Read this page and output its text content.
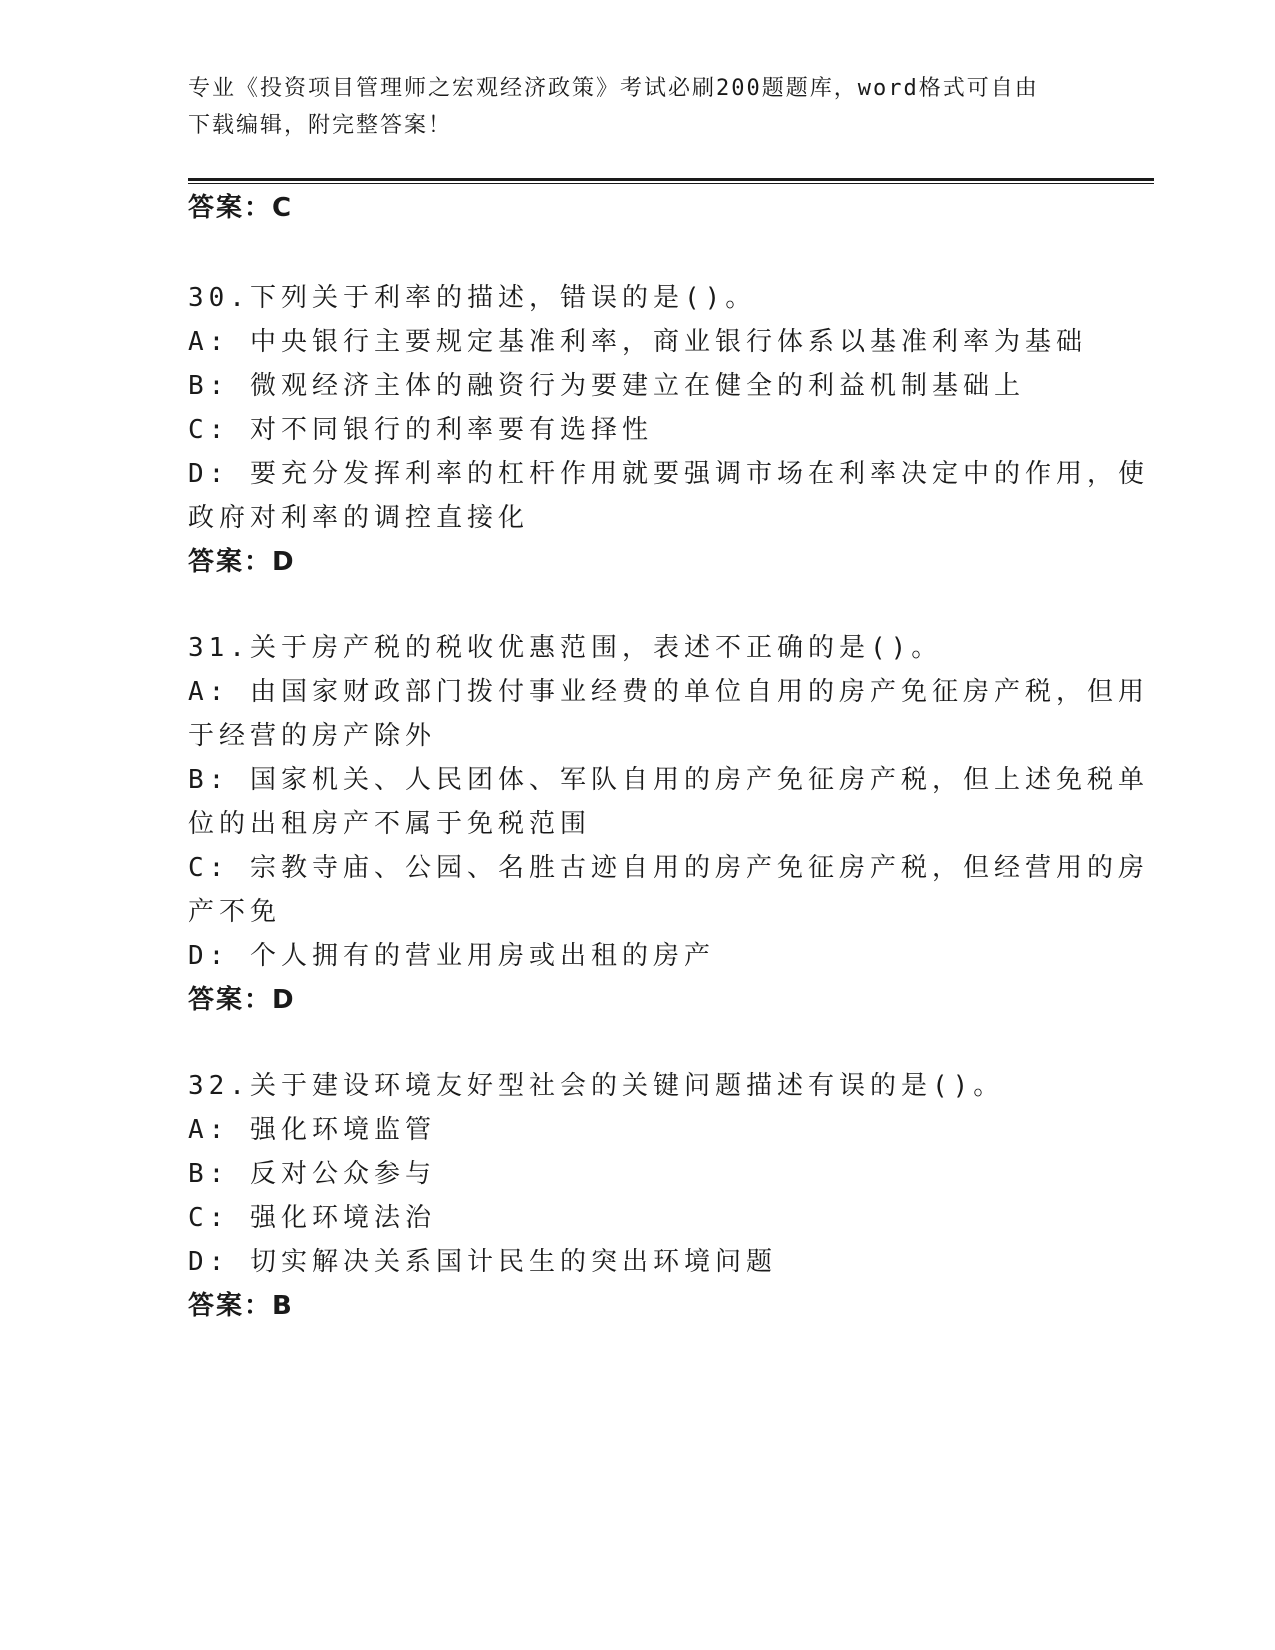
专业《投资项目管理师之宏观经济政策》考试必刷200题题库，word格式可自由
下载编辑，附完整答案！
答案：C
30.下列关于利率的描述，错误的是()。
A: 中央银行主要规定基准利率，商业银行体系以基准利率为基础
B: 微观经济主体的融资行为要建立在健全的利益机制基础上
C: 对不同银行的利率要有选择性
D: 要充分发挥利率的杠杆作用就要强调市场在利率决定中的作用，使
政府对利率的调控直接化
答案：D
31.关于房产税的税收优惠范围，表述不正确的是()。
A: 由国家财政部门拨付事业经费的单位自用的房产免征房产税，但用
于经营的房产除外
B: 国家机关、人民团体、军队自用的房产免征房产税，但上述免税单
位的出租房产不属于免税范围
C: 宗教寺庙、公园、名胜古迹自用的房产免征房产税，但经营用的房
产不免
D: 个人拥有的营业用房或出租的房产
答案：D
32.关于建设环境友好型社会的关键问题描述有误的是()。
A: 强化环境监管
B: 反对公众参与
C: 强化环境法治
D: 切实解决关系国计民生的突出环境问题
答案：B
